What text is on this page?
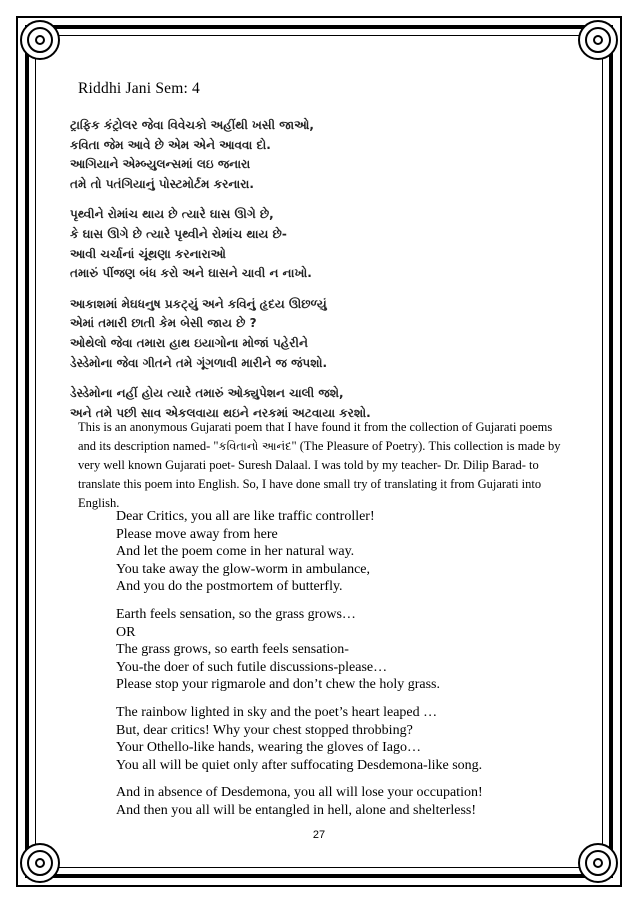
Riddhi Jani Sem: 4
ટ્રાફિક કંટ્રોલર જેવા વિવેચકો અહીંથી ખસી જાઓ,
કવિતા જેમ આવે છે એમ એને આવવા દો.
આગિયાને એમ્બ્યુલન્સમાં લઇ જનારા
તમે તો પતંગિયાનું પોસ્ટમોર્ટમ કરનારા.
પૃથ્વીને રોમાંચ થાય છે ત્યારે ઘાસ ઊગે છે,
કે ઘાસ ઊગે છે ત્યારે પૃથ્વીને રોમાંચ થાય છે-
આવી ચર્ચાનાં ચૂંથણા કરનારાઓ
તમારું પીંજણ બંધ કરો અને ઘાસને ચાવી ન નાખો.
આકાશમાં મેઘધનુષ પ્રકટ્યું અને કવિનું હૃદય ઊછળ્યું
એમાં તમારી છાતી કેમ બેસી જાય છે ?
ઓથેલો જેવા તમારા હાથ ઇયાગોના મોજાં પહેરીને
ડેસ્ડેમોના જેવા ગીતને તમે ગૂંગળાવી મારીને જ જંપશો.
ડેસ્ડેમોના નહીં હોય ત્યારે તમારું ઓક્યુપેશન ચાલી જશે,
અને તમે પછી સાવ એકલવાયા થઇને નરકમાં અટવાયા કરશો.
This is an anonymous Gujarati poem that I have found it from the collection of Gujarati poems and its description named- "કવિતાનો આનંદ" (The Pleasure of Poetry). This collection is made by very well known Gujarati poet- Suresh Dalaal. I was told by my teacher- Dr. Dilip Barad- to translate this poem into English. So, I have done small try of translating it from Gujarati into English.
Dear Critics, you all are like traffic controller!
Please move away from here
And let the poem come in her natural way.
You take away the glow-worm in ambulance,
And you do the postmortem of butterfly.
Earth feels sensation, so the grass grows…
OR
The grass grows, so earth feels sensation-
You-the doer of such futile discussions-please…
Please stop your rigmarole and don’t chew the holy grass.
The rainbow lighted in sky and the poet’s heart leaped …
But, dear critics! Why your chest stopped throbbing?
Your Othello-like hands, wearing the gloves of Iago…
You all will be quiet only after suffocating Desdemona-like song.
And in absence of Desdemona, you all will lose your occupation!
And then you all will be entangled in hell, alone and shelterless!
27
